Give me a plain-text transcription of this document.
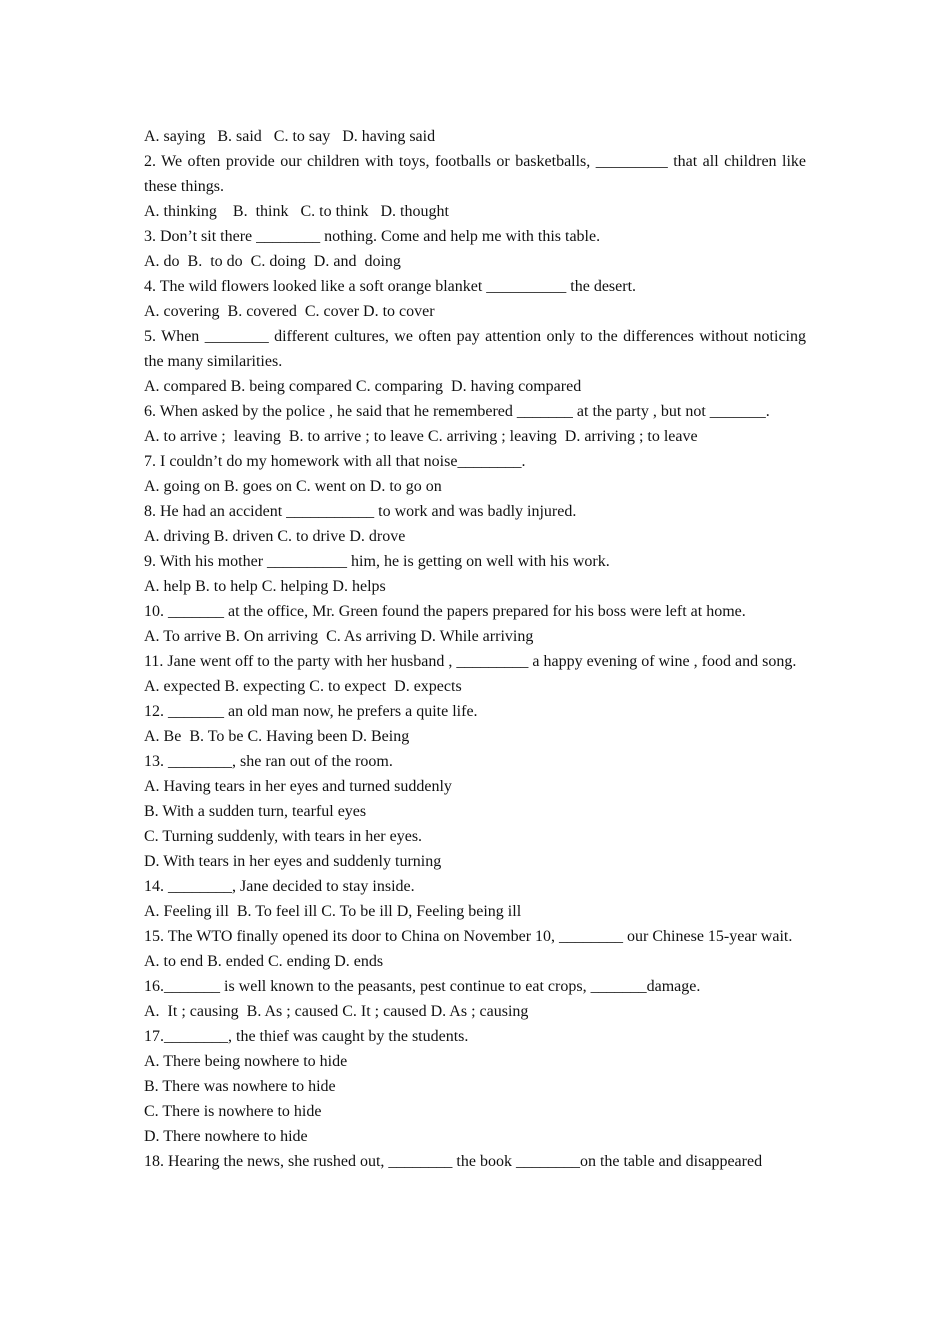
A. saying   B. said   C. to say   D. having said
2. We often provide our children with toys, footballs or basketballs, _________ that all children like these things.
A. thinking    B.  think   C. to think   D. thought
3. Don’t sit there ________ nothing. Come and help me with this table.
A. do  B.  to do  C. doing  D. and  doing
4. The wild flowers looked like a soft orange blanket __________ the desert.
A. covering  B. covered  C. cover D. to cover
5. When ________ different cultures, we often pay attention only to the differences without noticing the many similarities.
A. compared B. being compared C. comparing  D. having compared
6. When asked by the police , he said that he remembered _______ at the party , but not _______.
A. to arrive ;  leaving  B. to arrive ; to leave C. arriving ; leaving  D. arriving ; to leave
7. I couldn’t do my homework with all that noise________.
A. going on B. goes on C. went on D. to go on
8. He had an accident ___________ to work and was badly injured.
A. driving B. driven C. to drive D. drove
9. With his mother __________ him, he is getting on well with his work.
A. help B. to help C. helping D. helps
10. _______ at the office, Mr. Green found the papers prepared for his boss were left at home.
A. To arrive B. On arriving  C. As arriving D. While arriving
11. Jane went off to the party with her husband , _________ a happy evening of wine , food and song.
A. expected B. expecting C. to expect  D. expects
12. _______ an old man now, he prefers a quite life.
A. Be  B. To be C. Having been D. Being
13. ________, she ran out of the room.
A. Having tears in her eyes and turned suddenly
B. With a sudden turn, tearful eyes
C. Turning suddenly, with tears in her eyes.
D. With tears in her eyes and suddenly turning
14. ________, Jane decided to stay inside.
A. Feeling ill  B. To feel ill C. To be ill D, Feeling being ill
15. The WTO finally opened its door to China on November 10, ________ our Chinese 15-year wait.
A. to end B. ended C. ending D. ends
16._______ is well known to the peasants, pest continue to eat crops, _______damage.
A.  It ; causing  B. As ; caused C. It ; caused D. As ; causing
17.________, the thief was caught by the students.
A. There being nowhere to hide
B. There was nowhere to hide
C. There is nowhere to hide
D. There nowhere to hide
18. Hearing the news, she rushed out, ________ the book ________on the table and disappeared
